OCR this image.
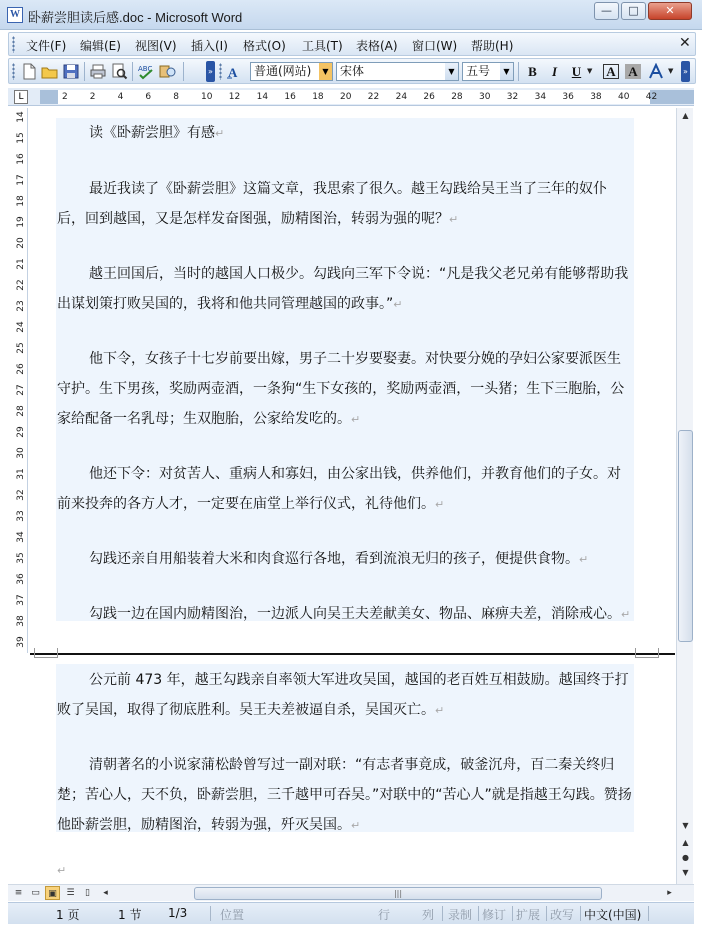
W 卧薪尝胆读后感.doc - Microsoft Word	—	□	✕
文件(F) 编辑(E) 视图(V) 插入(I) 格式(O) 工具(T) 表格(A) 窗口(W) 帮助(H)	✕
ABC	» A	普通(网站)	▼ 宋体	▼ 五号	▼	B	I	U ▼ A A	▼ »
L	2 2 4 6 8 10 12 14 16 18 20 22 24 26 28 30 32 34 36 38 40 42
14
15
16
17
18
19
20
21
22
23
24
25
26
27
28
29
30
31
32
33
34
35
36
37
38
39
读《卧薪尝胆》有感↵
最近我读了《卧薪尝胆》这篇文章，我思索了很久。越王勾践给吴王当了三年的奴仆后，回到越国，又是怎样发奋图强，励精图治，转弱为强的呢？↵
越王回国后，当时的越国人口极少。勾践向三军下令说：“凡是我父老兄弟有能够帮助我出谋划策打败吴国的，我将和他共同管理越国的政事。”↵
他下令，女孩子十七岁前要出嫁，男子二十岁要娶妻。对快要分娩的孕妇公家要派医生守护。生下男孩，奖励两壶酒，一条狗“生下女孩的，奖励两壶酒，一头猪；生下三胞胎，公家给配备一名乳母；生双胞胎，公家给发吃的。↵
他还下令：对贫苦人、重病人和寡妇，由公家出钱，供养他们，并教育他们的子女。对前来投奔的各方人才，一定要在庙堂上举行仪式，礼待他们。↵
勾践还亲自用船装着大米和肉食巡行各地，看到流浪无归的孩子，便提供食物。↵
勾践一边在国内励精图治，一边派人向吴王夫差献美女、物品、麻痹夫差，消除戒心。↵
公元前 473 年，越王勾践亲自率领大军进攻吴国，越国的老百姓互相鼓励。越国终于打败了吴国，取得了彻底胜利。吴王夫差被逼自杀，吴国灭亡。↵
清朝著名的小说家蒲松龄曾写过一副对联：“有志者事竟成，破釜沉舟，百二秦关终归楚；苦心人，天不负，卧薪尝胆，三千越甲可吞吴。”对联中的“苦心人”就是指越王勾践。赞扬他卧薪尝胆，励精图治，转弱为强，歼灭吴国。↵
↵
▲
▼
▲
●
▼
≡ ▭ ▣	☰	▯	◂	|||	▸
1 页	1 节 1/3	位置	行	列 录制 修订 扩展 改写 中文(中国)
